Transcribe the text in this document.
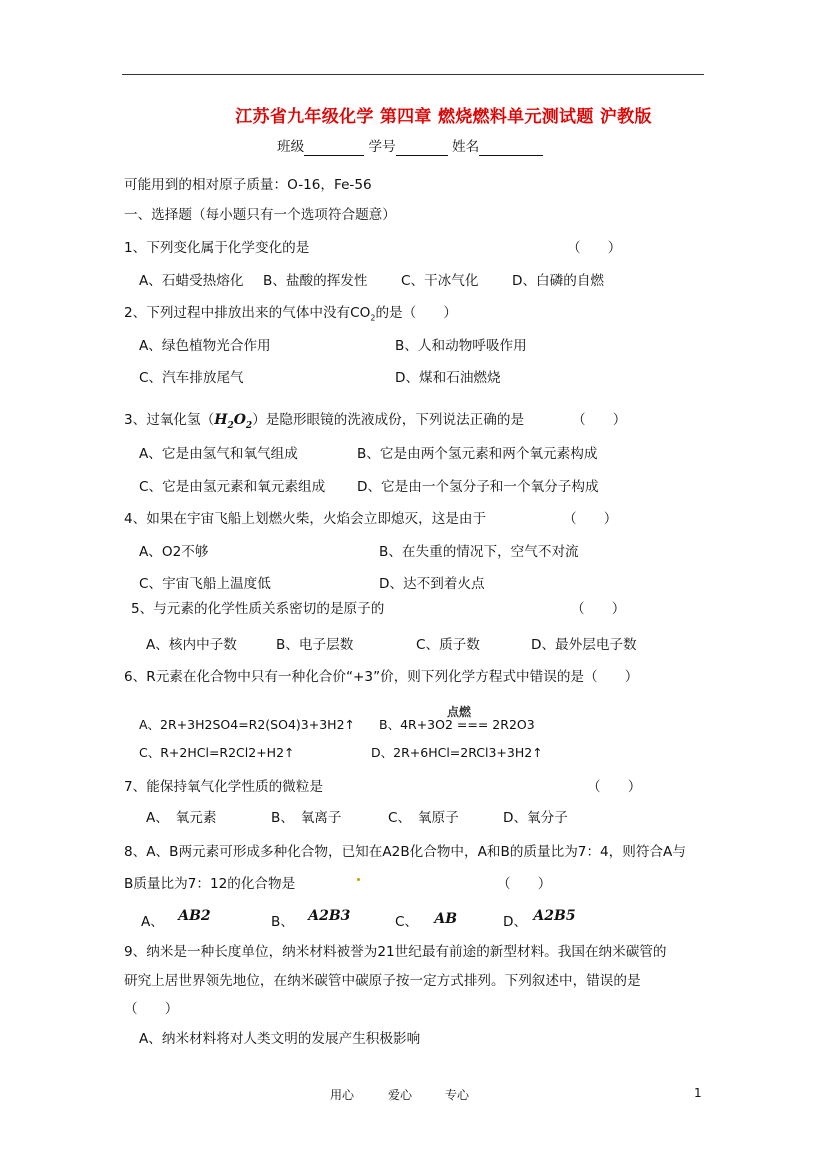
江苏省九年级化学 第四章 燃烧燃料单元测试题 沪教版
班级	学号	姓名
可能用到的相对原子质量：O-16，Fe-56
一、选择题（每小题只有一个选项符合题意）
1、下列变化属于化学变化的是	（　　）
A、石蜡受热熔化 B、盐酸的挥发性 C、干冰气化 D、白磷的自燃
2、下列过程中排放出来的气体中没有$CO_2$的是（　　）
A、绿色植物光合作用	B、人和动物呼吸作用
C、汽车排放尾气	D、煤和石油燃烧
3、过氧化氢$(H_2O_2)$是隐形眼镜的洗液成份，下列说法正确的是	（　　）
A、它是由氢气和氧气组成	B、它是由两个氢元素和两个氧元素构成
C、它是由氢元素和氧元素组成 D、它是由一个氢分子和一个氧分子构成
4、如果在宇宙飞船上划燃火柴，火焰会立即熄灭，这是由于	（　　）
A、O2不够	B、在失重的情况下，空气不对流
C、宇宙飞船上温度低	D、达不到着火点
5、与元素的化学性质关系密切的是原子的	（　　）
A、核内中子数	B、电子层数	C、质子数	D、最外层电子数
6、R元素在化合物中只有一种化合价“+3”价，则下列化学方程式中错误的是（　　）
点燃
A、2R+3H2SO4=R2(SO4)3+3H2↑ B、4R+3O2 === 2R2O3
C、R+2HCl=R2Cl2+H2↑	D、2R+6HCl=2RCl3+3H2↑
7、能保持氧气化学性质的微粒是	（　　）
A、　氧元素	B、　氧离子	C、　氧原子	D、氧分子
8、A、B两元素可形成多种化合物，已知在A2B化合物中，A和B的质量比为7：4，则符合A与
B质量比为7：12的化合物是	（　　）
A、 AB2	B、 A2B3	C、 AB	D、 A2B5
9、纳米是一种长度单位，纳米材料被誉为21世纪最有前途的新型材料。我国在纳米碳管的
研究上居世界领先地位，在纳米碳管中碳原子按一定方式排列。下列叙述中，错误的是
（　　）
A、纳米材料将对人类文明的发展产生积极影响
用心	爱心	专心	1
